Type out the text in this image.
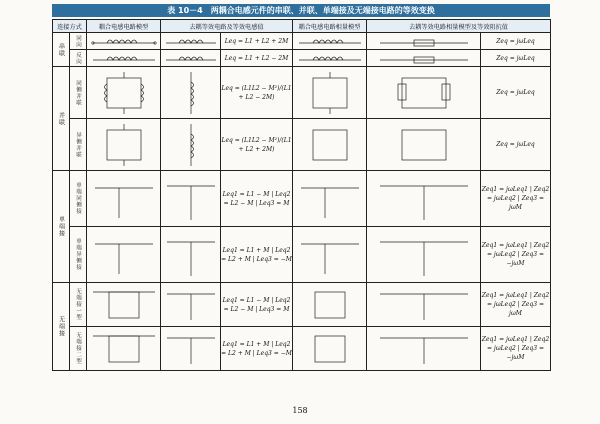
表 10－4　两耦合电感元件的串联、并联、单端接及无端接电路的等效变换
连接方式		耦合电感电路模型	去耦等效电路及等效电感值		耦合电感电路相量模型	去耦等效电路相量模型及等效阻抗值	
串联	同向			Leq = L1 + L2 + 2M			Zeq = jωLeq
	反向			Leq = L1 + L2 − 2M			Zeq = jωLeq
并联	同侧并联			Leq = (L1L2 − M²)/(L1 + L2 − 2M)			Zeq = jωLeq
	异侧并联			Leq = (L1L2 − M²)/(L1 + L2 + 2M)			Zeq = jωLeq
单端接	单端同侧接			Leq1 = L1 − M | Leq2 = L2 − M | Leq3 = M			Zeq1 = jωLeq1 | Zeq2 = jωLeq2 | Zeq3 = jωM
	单端异侧接			Leq1 = L1 + M | Leq2 = L2 + M | Leq3 = −M			Zeq1 = jωLeq1 | Zeq2 = jωLeq2 | Zeq3 = −jωM
无端接	无端接一型			Leq1 = L1 − M | Leq2 = L2 − M | Leq3 = M			Zeq1 = jωLeq1 | Zeq2 = jωLeq2 | Zeq3 = jωM
	无端接二型			Leq1 = L1 + M | Leq2 = L2 + M | Leq3 = −M			Zeq1 = jωLeq1 | Zeq2 = jωLeq2 | Zeq3 = −jωM
158
